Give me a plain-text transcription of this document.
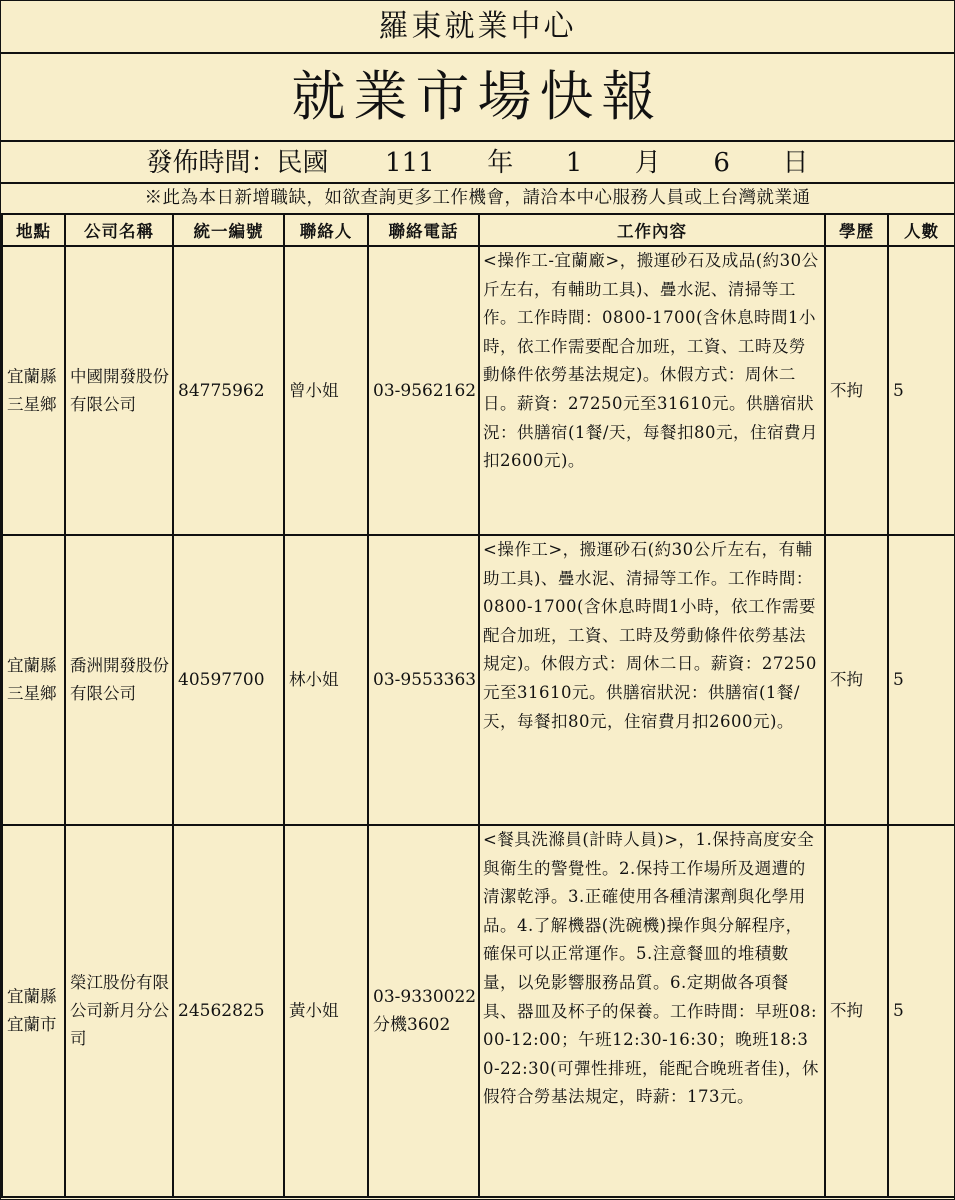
羅東就業中心
就業市場快報
發佈時間：民國 111 年 1 月 6 日
※此為本日新增職缺，如欲查詢更多工作機會，請洽本中心服務人員或上台灣就業通
地點	公司名稱	統一編號	聯絡人	聯絡電話	工作內容	學歷	人數
宜蘭縣三星鄉	中國開發股份有限公司	84775962	曾小姐	03-9562162	<操作工-宜蘭廠>，搬運砂石及成品(約30公斤左右，有輔助工具)、疊水泥、清掃等工作。工作時間：0800-1700(含休息時間1小時，依工作需要配合加班，工資、工時及勞動條件依勞基法規定)。休假方式：周休二日。薪資：27250元至31610元。供膳宿狀況：供膳宿(1餐/天，每餐扣80元，住宿費月扣2600元)。	不拘	5
宜蘭縣三星鄉	喬洲開發股份有限公司	40597700	林小姐	03-9553363	<操作工>，搬運砂石(約30公斤左右，有輔助工具)、疊水泥、清掃等工作。工作時間：0800-1700(含休息時間1小時，依工作需要配合加班，工資、工時及勞動條件依勞基法規定)。休假方式：周休二日。薪資：27250元至31610元。供膳宿狀況：供膳宿(1餐/天，每餐扣80元，住宿費月扣2600元)。	不拘	5
宜蘭縣宜蘭市	榮江股份有限公司新月分公司	24562825	黃小姐	03-9330022分機3602	<餐具洗滌員(計時人員)>，1.保持高度安全與衛生的警覺性。2.保持工作場所及週遭的清潔乾淨。3.正確使用各種清潔劑與化學用品。4.了解機器(洗碗機)操作與分解程序，確保可以正常運作。5.注意餐皿的堆積數量，以免影響服務品質。6.定期做各項餐具、器皿及杯子的保養。工作時間：早班08:00-12:00；午班12:30-16:30；晚班18:30-22:30(可彈性排班，能配合晚班者佳)，休假符合勞基法規定，時薪：173元。	不拘	5
